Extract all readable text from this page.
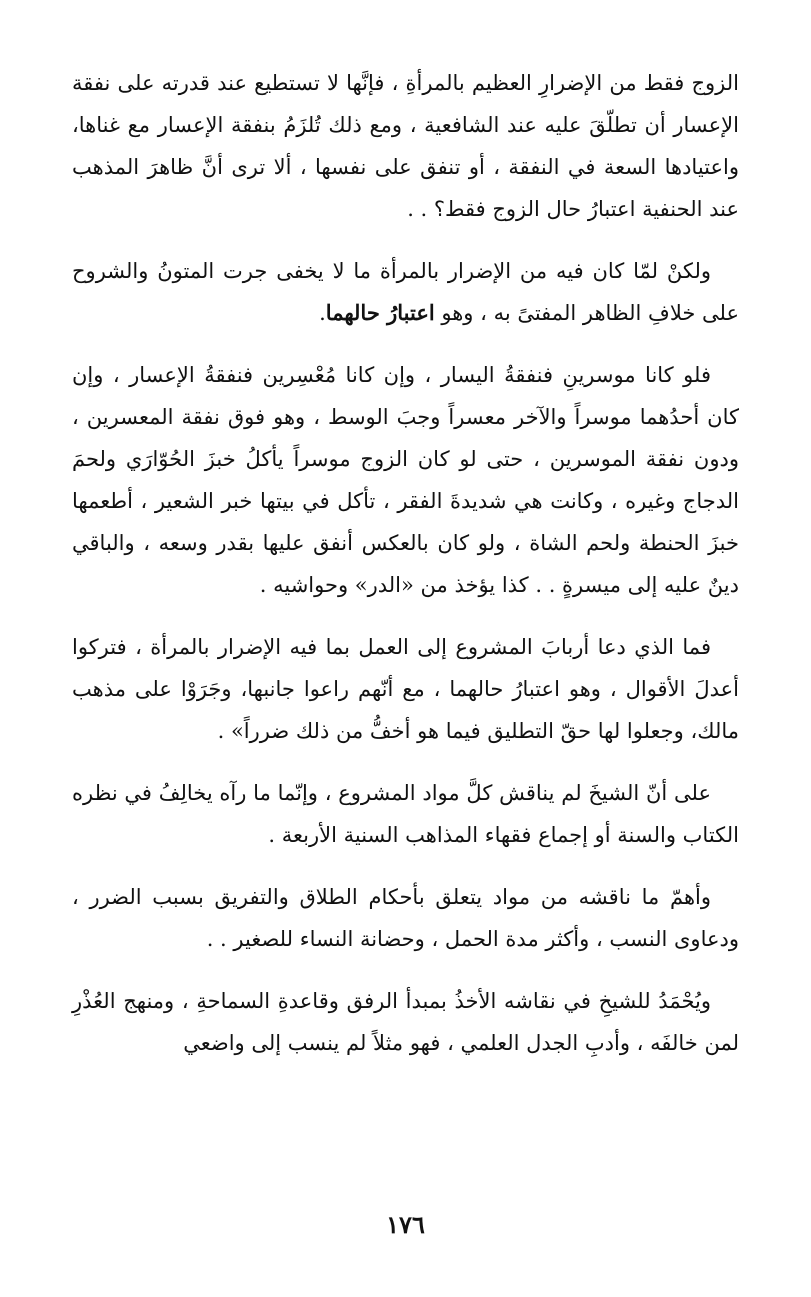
الزوج فقط من الإضرارِ العظيم بالمرأةِ ، فإنَّها لا تستطيع عند قدرته على نفقة الإعسار أن تطلّقَ عليه عند الشافعية ، ومع ذلك تُلزَمُ بنفقة الإعسار مع غناها، واعتيادها السعة في النفقة ، أو تنفق على نفسها ، ألا ترى أنَّ ظاهرَ المذهب عند الحنفية اعتبارُ حال الزوج فقط؟ . .

ولكنْ لمّا كان فيه من الإضرار بالمرأة ما لا يخفى جرت المتونُ والشروح على خلافِ الظاهر المفتىً به ، وهو اعتبارُ حالهما.

فلو كانا موسرينِ فنفقةُ اليسار ، وإن كانا مُعْسِرين فنفقةُ الإعسار ، وإن كان أحدُهما موسراً والآخر معسراً وجبَ الوسط ، وهو فوق نفقة المعسرين ، ودون نفقة الموسرين ، حتى لو كان الزوج موسراً يأكلُ خبزَ الحُوّارَي ولحمَ الدجاج وغيره ، وكانت هي شديدةَ الفقر ، تأكل في بيتها خبر الشعير ، أطعمها خبزَ الحنطة ولحم الشاة ، ولو كان بالعكس أنفق عليها بقدر وسعه ، والباقي دينٌ عليه إلى ميسرةٍ . . كذا يؤخذ من «الدر» وحواشيه .

فما الذي دعا أربابَ المشروع إلى العمل بما فيه الإضرار بالمرأة ، فتركوا أعدلَ الأقوال ، وهو اعتبارُ حالهما ، مع أنّهم راعوا جانبها، وجَرَوْا على مذهب مالك، وجعلوا لها حقّ التطليق فيما هو أخفُّ من ذلك ضرراً» .

على أنّ الشيخَ لم يناقش كلَّ مواد المشروع ، وإنّما ما رآه يخالِفُ في نظره الكتاب والسنة أو إجماع فقهاء المذاهب السنية الأربعة .

وأهمّ ما ناقشه من مواد يتعلق بأحكام الطلاق والتفريق بسبب الضرر ، ودعاوى النسب ، وأكثر مدة الحمل ، وحضانة النساء للصغير . .

ويُحْمَدُ للشيخِ في نقاشه الأخذُ بمبدأ الرفق وقاعدةِ السماحةِ ، ومنهج العُذْرِ لمن خالفَه ، وأدبِ الجدل العلمي ، فهو مثلاً لم ينسب إلى واضعي

١٧٦
